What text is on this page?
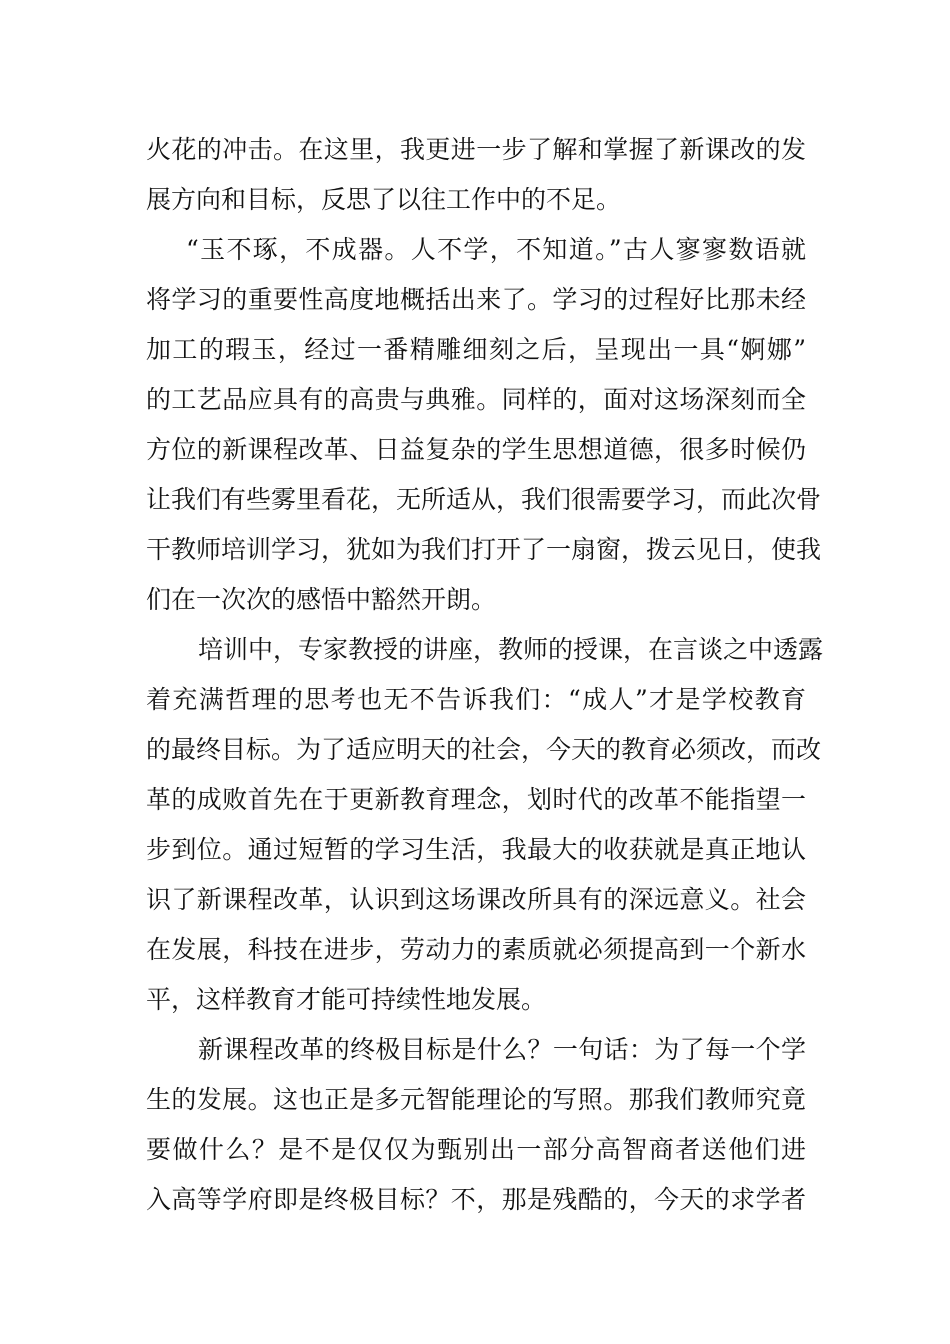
火花的冲击。在这里，我更进一步了解和掌握了新课改的发
展方向和目标，反思了以往工作中的不足。
“玉不琢，不成器。人不学，不知道。”古人寥寥数语就
将学习的重要性高度地概括出来了。学习的过程好比那未经
加工的瑕玉，经过一番精雕细刻之后，呈现出一具“婀娜”
的工艺品应具有的高贵与典雅。同样的，面对这场深刻而全
方位的新课程改革、日益复杂的学生思想道德，很多时候仍
让我们有些雾里看花，无所适从，我们很需要学习，而此次骨
干教师培训学习，犹如为我们打开了一扇窗，拨云见日，使我
们在一次次的感悟中豁然开朗。
培训中，专家教授的讲座，教师的授课，在言谈之中透露
着充满哲理的思考也无不告诉我们：“成人”才是学校教育
的最终目标。为了适应明天的社会，今天的教育必须改，而改
革的成败首先在于更新教育理念，划时代的改革不能指望一
步到位。通过短暂的学习生活，我最大的收获就是真正地认
识了新课程改革，认识到这场课改所具有的深远意义。社会
在发展，科技在进步，劳动力的素质就必须提高到一个新水
平，这样教育才能可持续性地发展。
新课程改革的终极目标是什么？一句话：为了每一个学
生的发展。这也正是多元智能理论的写照。那我们教师究竟
要做什么？是不是仅仅为甄别出一部分高智商者送他们进
入高等学府即是终极目标？不，那是残酷的，今天的求学者
